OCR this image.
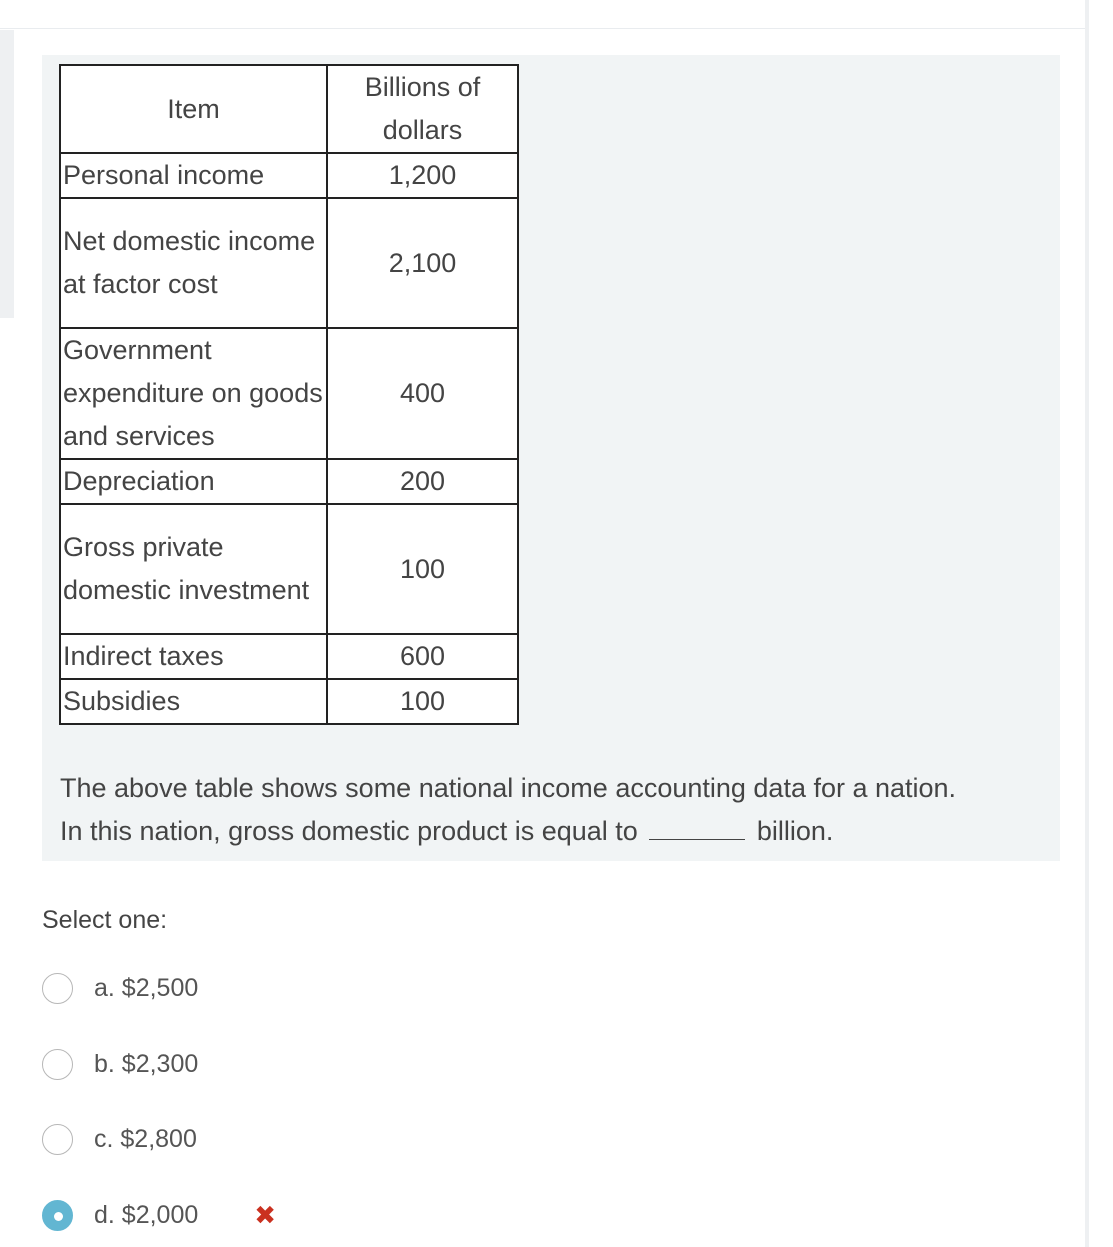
Item	Billions of dollars
Personal income	1,200
Net domestic income at factor cost	2,100
Government expenditure on goods and services	400
Depreciation	200
Gross private domestic investment	100
Indirect taxes	600
Subsidies	100
The above table shows some national income accounting data for a nation.
In this nation, gross domestic product is equal to	billion.
Select one:
a. $2,500
b. $2,300
c. $2,800
d. $2,000 ✖
